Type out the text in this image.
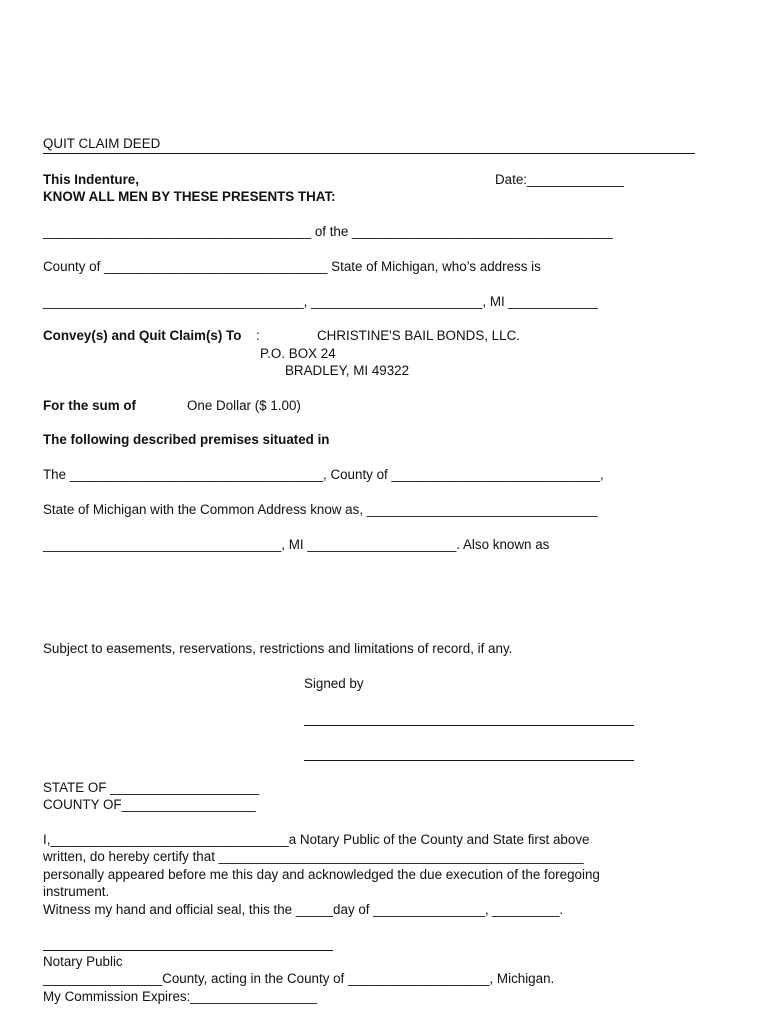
QUIT CLAIM DEED
This Indenture,	Date:_____________
KNOW ALL MEN BY THESE PRESENTS THAT:
____________________________________ of the ___________________________________
County of ______________________________ State of Michigan, who’s address is
___________________________________, _______________________, MI ____________
Convey(s) and Quit Claim(s) To :	CHRISTINE'S BAIL BONDS, LLC.
P.O. BOX 24
BRADLEY, MI 49322
For the sum of	One Dollar ($ 1.00)
The following described premises situated in
The __________________________________, County of ____________________________,
State of Michigan with the Common Address know as, _______________________________
________________________________, MI ____________________. Also known as
Subject to easements, reservations, restrictions and limitations of record, if any.
Signed by
STATE OF ____________________
COUNTY OF__________________
I,________________________________a Notary Public of the County and State first above
written, do hereby certify that _________________________________________________
personally appeared before me this day and acknowledged the due execution of the foregoing
instrument.
Witness my hand and official seal, this the _____day of _______________, _________.
Notary Public
________________County, acting in the County of ___________________, Michigan.
My Commission Expires:_________________
